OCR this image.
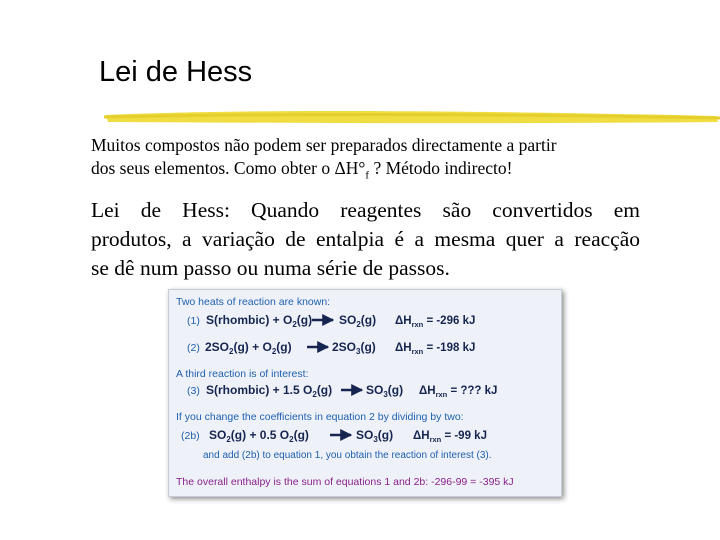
Lei de Hess
Muitos compostos não podem ser preparados directamente a partir
dos seus elementos. Como obter o $\Delta H^\circ_f$ ? Método indirecto!
Lei de Hess: Quando reagentes são convertidos em
produtos, a variação de entalpia é a mesma quer a reacção
se dê num passo ou numa série de passos.
Two heats of reaction are known:
(1) S(rhombic) + $O_2(g)$ $SO_2(g) \Delta H_{rxn} = -296$ kJ
(2) $2SO_2(g) + O_2(g)$	$2SO_3(g) \Delta H_{rxn} = -198$ kJ
A third reaction is of interest:
(3) S(rhombic) + 1.5 $O_2(g)$	$SO_3(g) \Delta H_{rxn}$ = ??? kJ
If you change the coefficients in equation 2 by dividing by two:
(2b) $SO_2(g) + 0.5$ $O_2(g)$	$SO_3(g) \Delta H_{rxn} = -99$ kJ
and add (2b) to equation 1, you obtain the reaction of interest (3).
The overall enthalpy is the sum of equations 1 and 2b: -296-99 = -395 kJ
